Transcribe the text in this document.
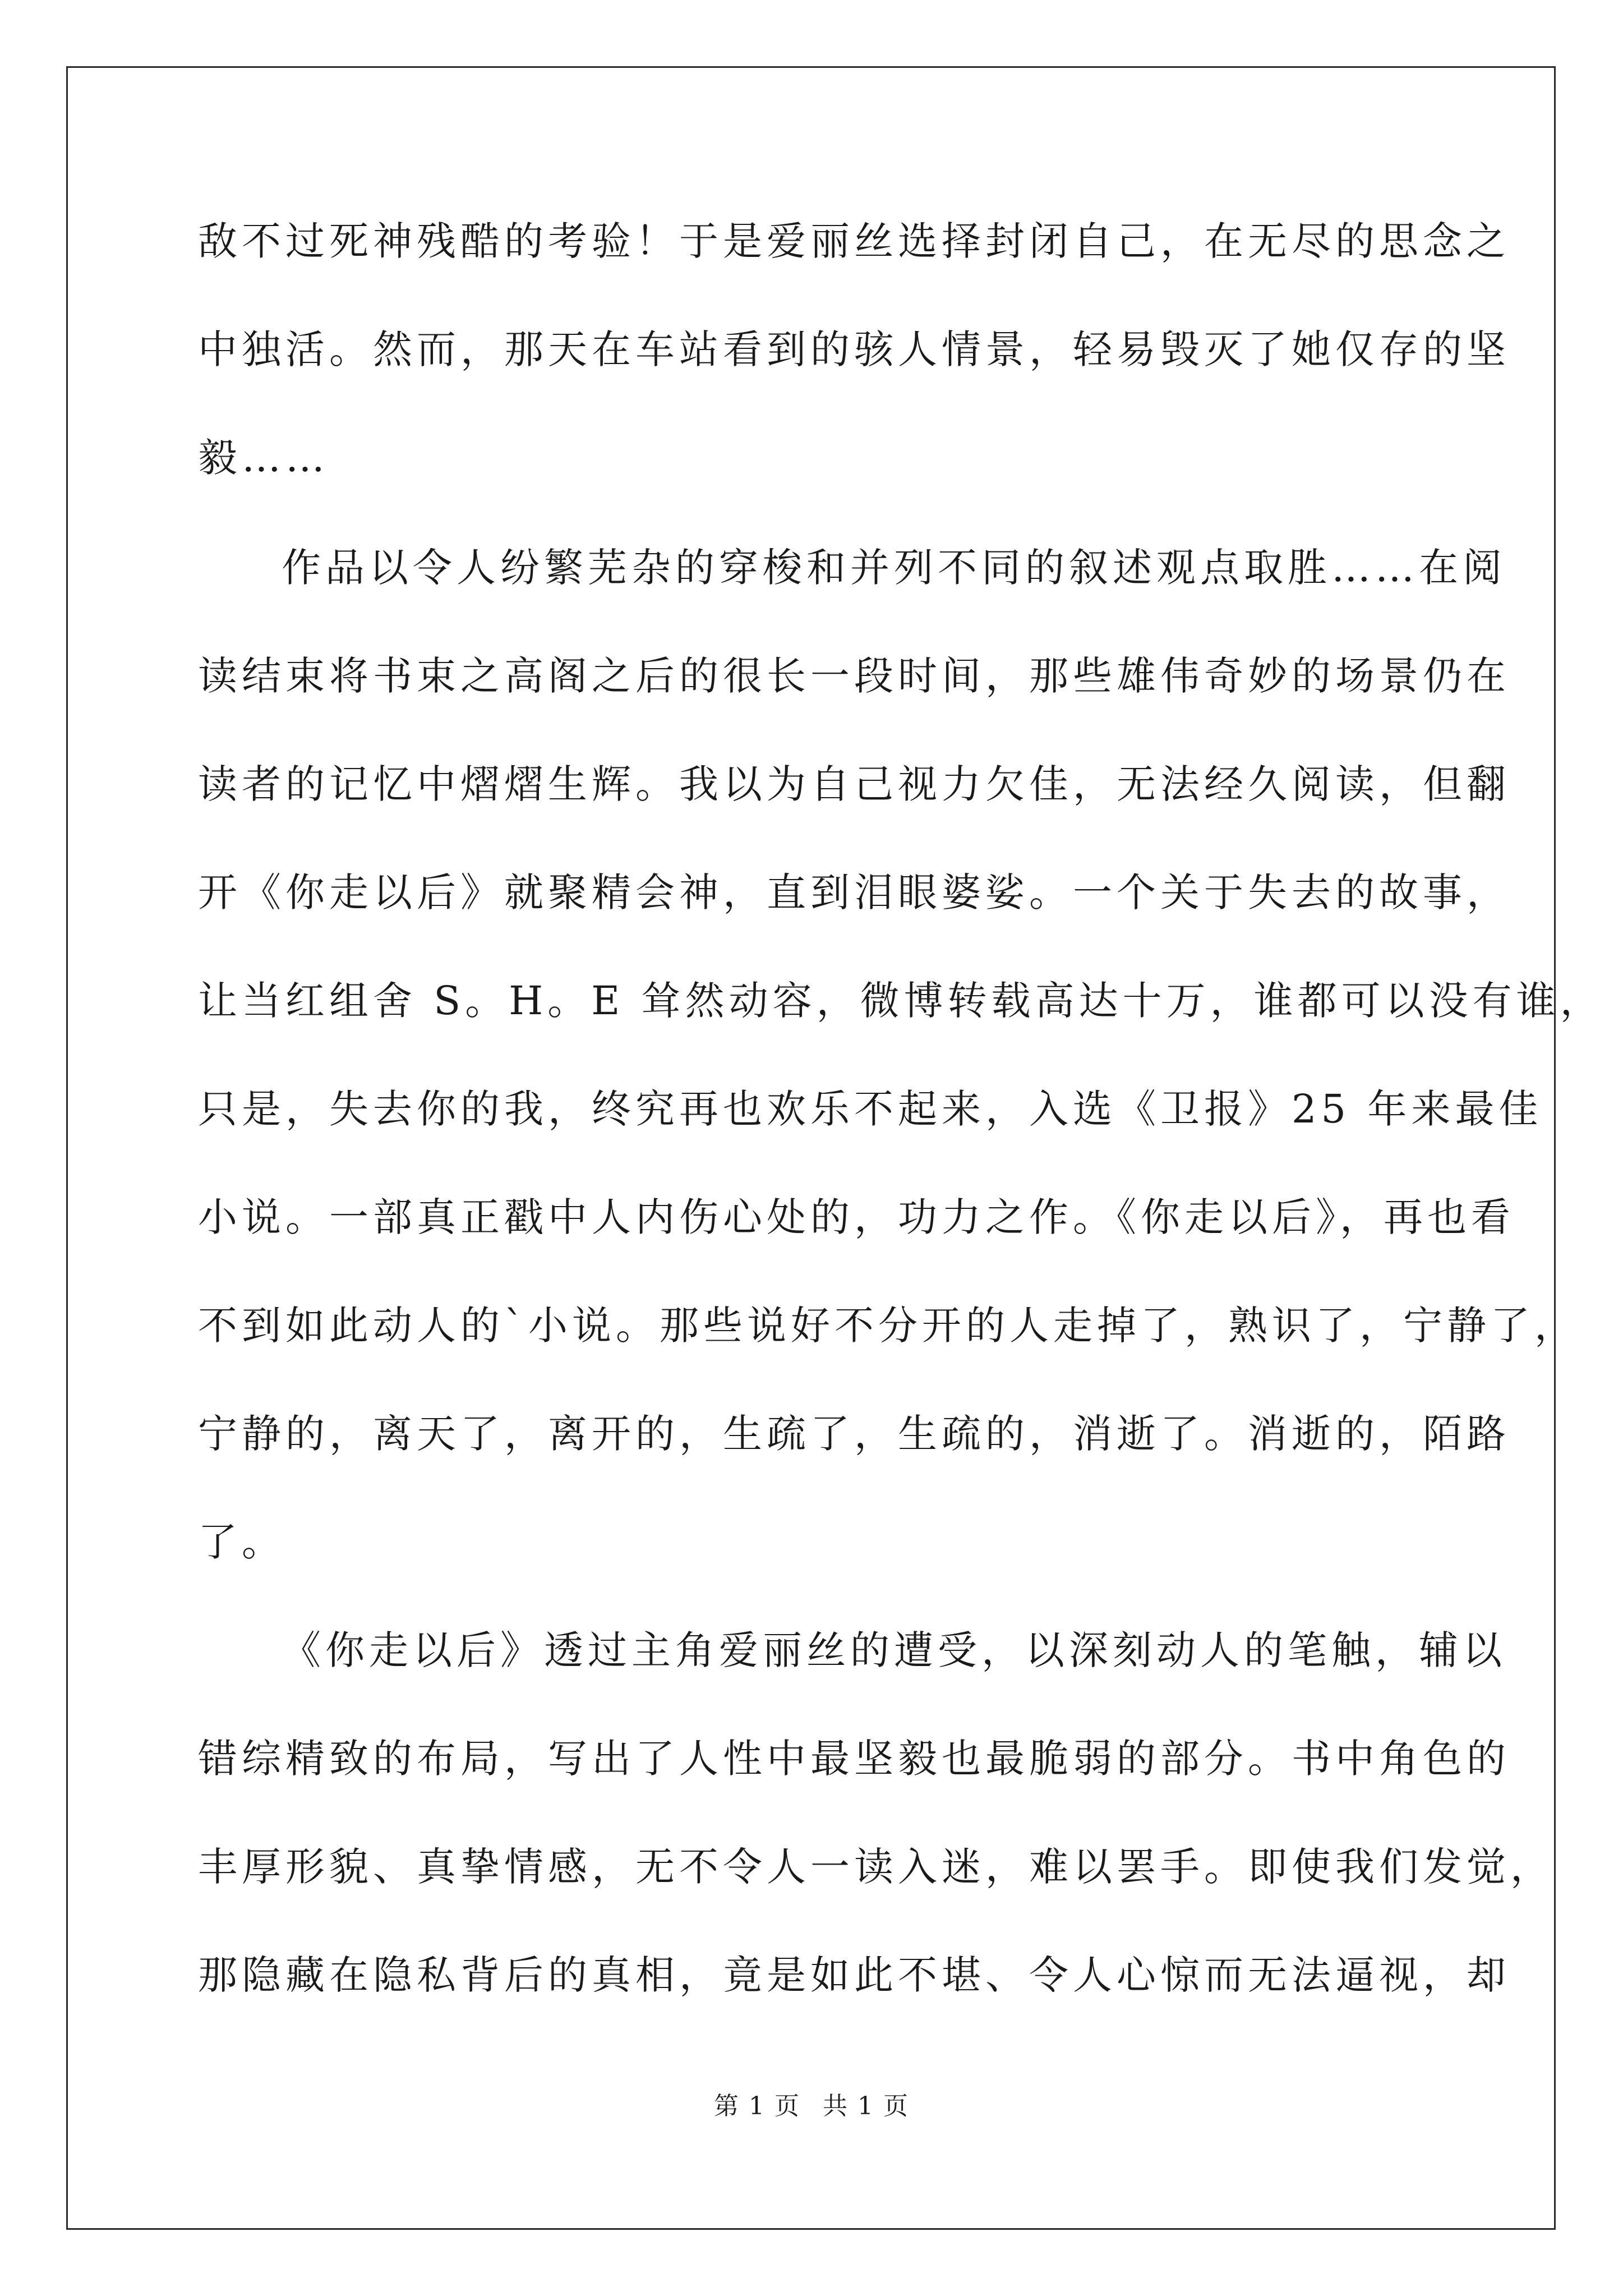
敌不过死神残酷的考验！于是爱丽丝选择封闭自己，在无尽的思念之
中独活。然而，那天在车站看到的骇人情景，轻易毁灭了她仅存的坚
毅……
作品以令人纷繁芜杂的穿梭和并列不同的叙述观点取胜……在阅
读结束将书束之高阁之后的很长一段时间，那些雄伟奇妙的场景仍在
读者的记忆中熠熠生辉。我以为自己视力欠佳，无法经久阅读，但翻
开《你走以后》就聚精会神，直到泪眼婆娑。一个关于失去的故事，
让当红组舍 S。H。E 耸然动容，微博转载高达十万，谁都可以没有谁，
只是，失去你的我，终究再也欢乐不起来，入选《卫报》25 年来最佳
小说。一部真正戳中人内伤心处的，功力之作。《你走以后》，再也看
不到如此动人的`小说。那些说好不分开的人走掉了，熟识了，宁静了，
宁静的，离天了，离开的，生疏了，生疏的，消逝了。消逝的，陌路
了。
《你走以后》透过主角爱丽丝的遭受，以深刻动人的笔触，辅以
错综精致的布局，写出了人性中最坚毅也最脆弱的部分。书中角色的
丰厚形貌、真挚情感，无不令人一读入迷，难以罢手。即使我们发觉，
那隐藏在隐私背后的真相，竟是如此不堪、令人心惊而无法逼视，却
第 1 页 共 1 页
